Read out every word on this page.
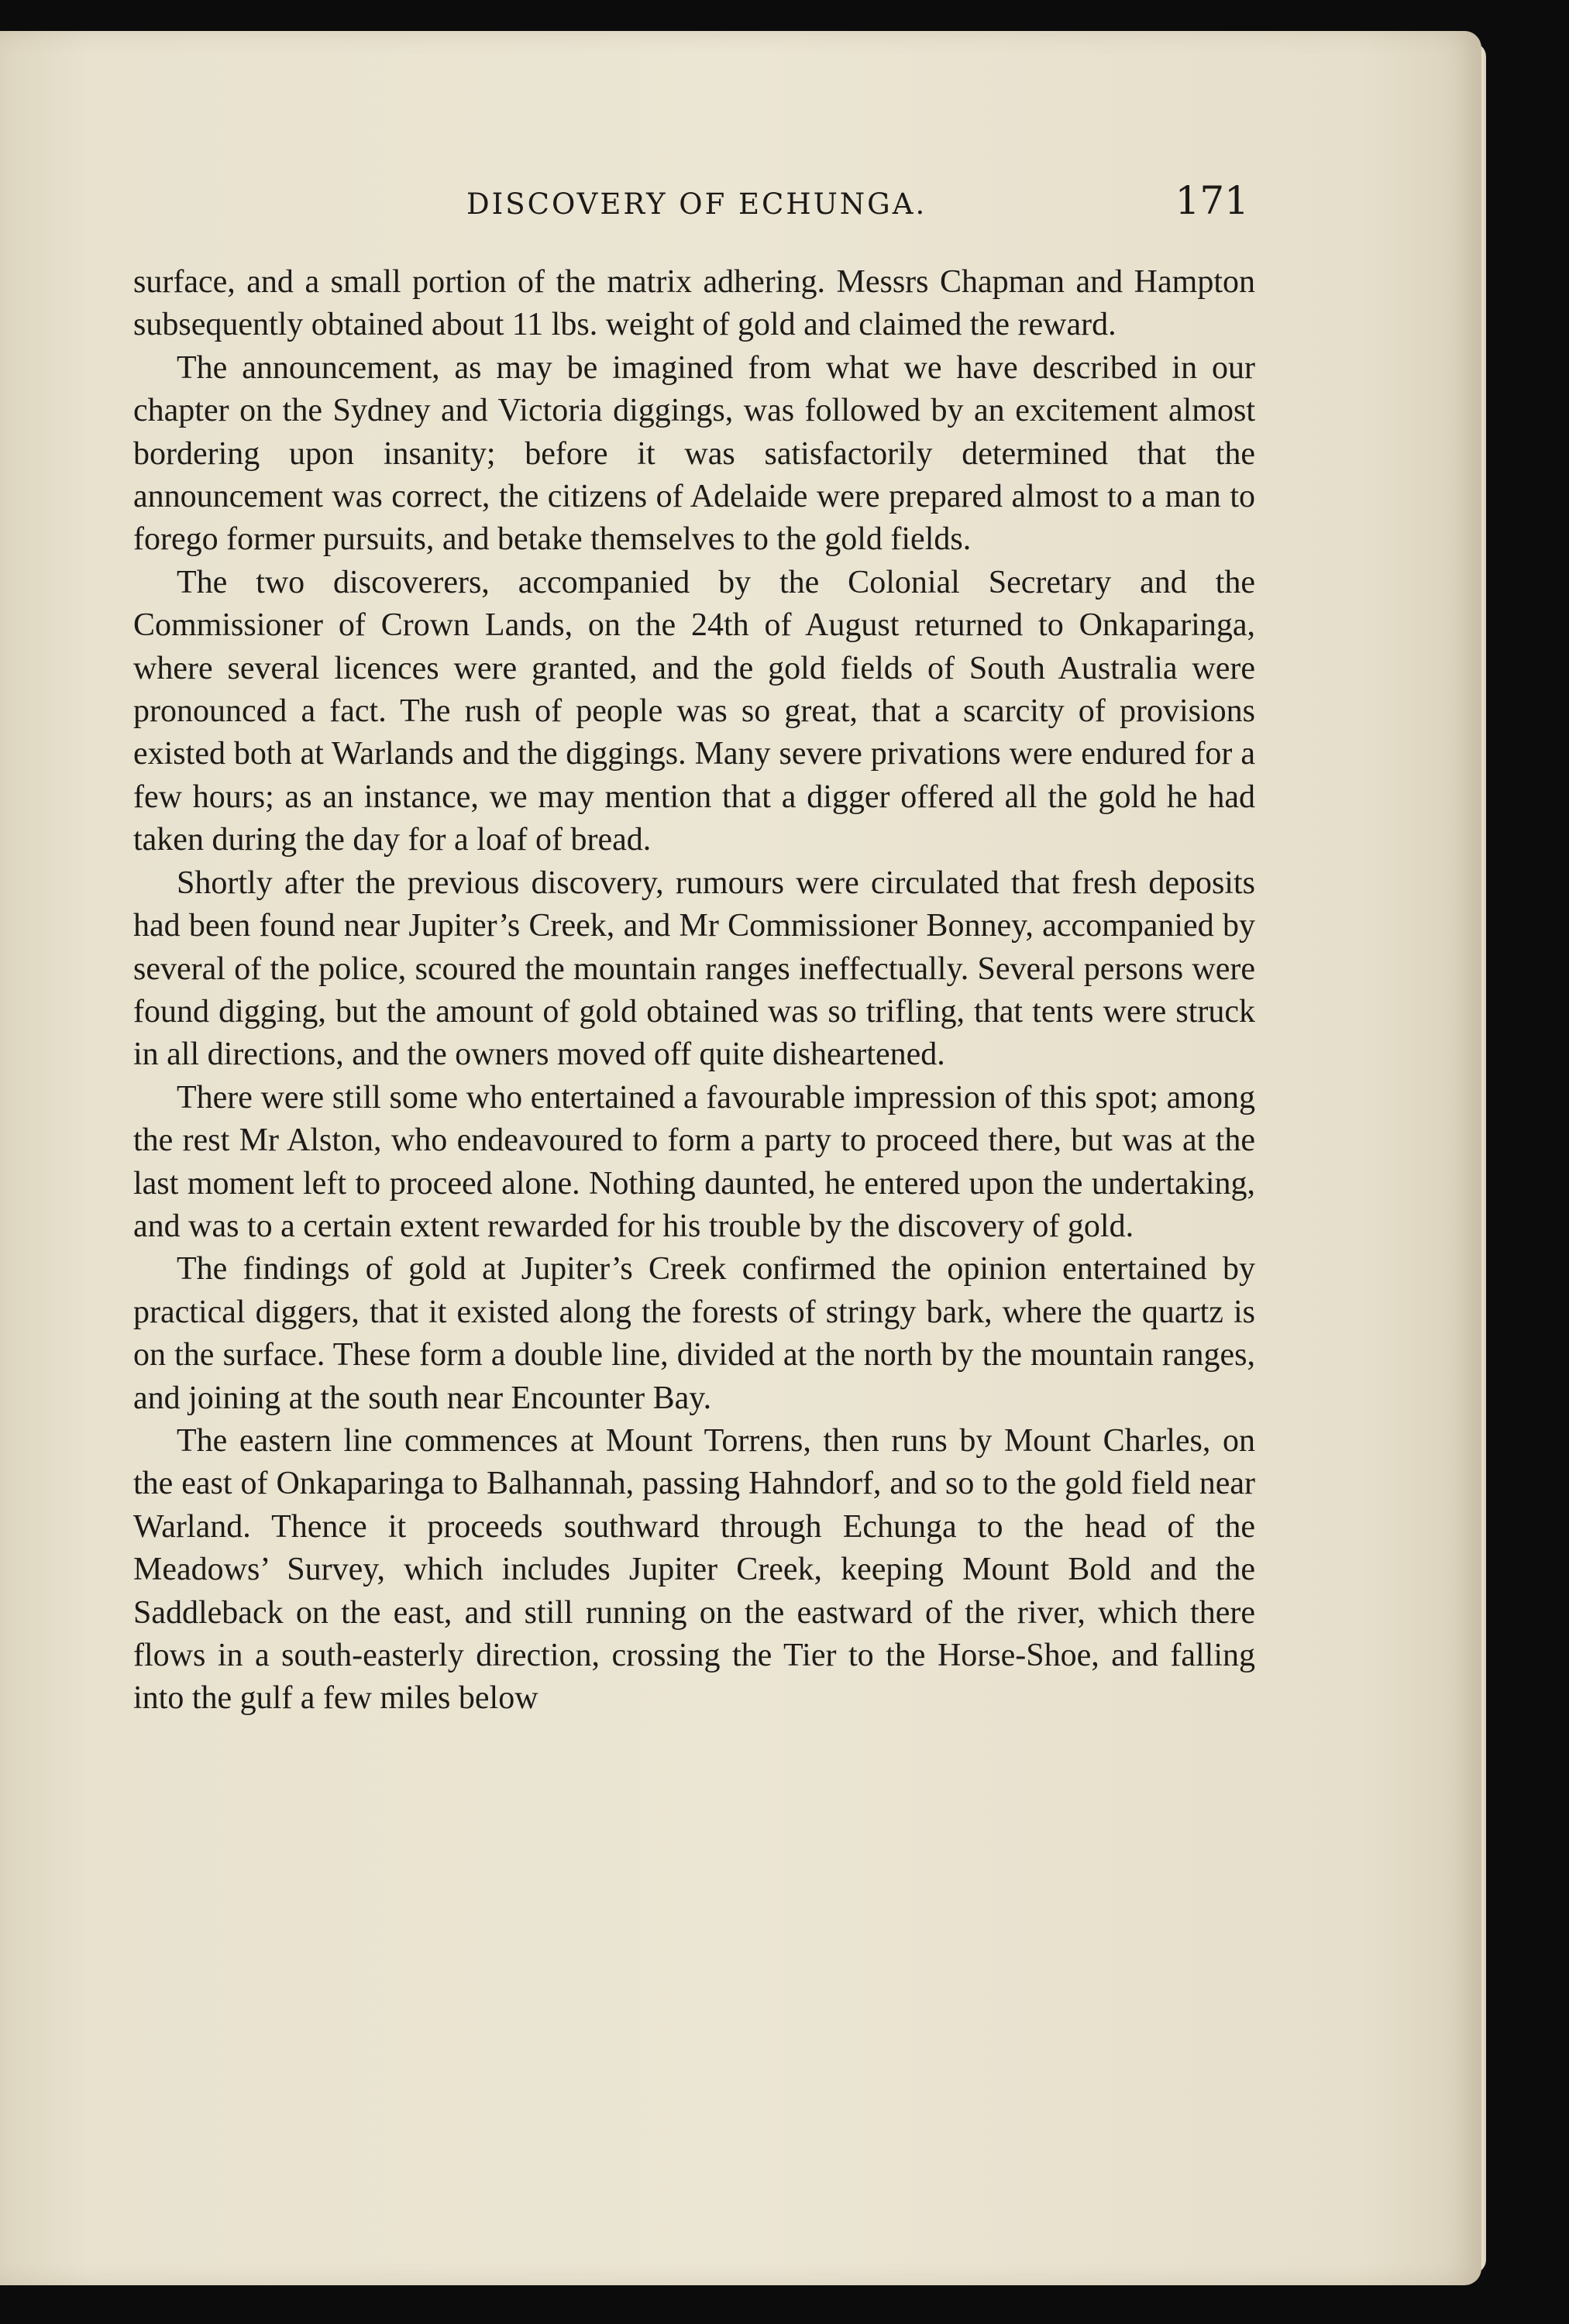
DISCOVERY OF ECHUNGA.	171

surface, and a small portion of the matrix adhering. Messrs Chapman and Hampton subsequently obtained about 11 lbs. weight of gold and claimed the reward.

The announcement, as may be imagined from what we have described in our chapter on the Sydney and Victoria diggings, was followed by an excitement almost bordering upon insanity; before it was satisfactorily determined that the announcement was correct, the citizens of Adelaide were prepared almost to a man to forego former pursuits, and betake themselves to the gold fields.

The two discoverers, accompanied by the Colonial Secretary and the Commissioner of Crown Lands, on the 24th of August returned to Onkaparinga, where several licences were granted, and the gold fields of South Australia were pronounced a fact. The rush of people was so great, that a scarcity of provisions existed both at Warlands and the diggings. Many severe privations were endured for a few hours; as an instance, we may mention that a digger offered all the gold he had taken during the day for a loaf of bread.

Shortly after the previous discovery, rumours were circulated that fresh deposits had been found near Jupiter’s Creek, and Mr Commissioner Bonney, accompanied by several of the police, scoured the mountain ranges ineffectually. Several persons were found digging, but the amount of gold obtained was so trifling, that tents were struck in all directions, and the owners moved off quite disheartened.

There were still some who entertained a favourable impression of this spot; among the rest Mr Alston, who endeavoured to form a party to proceed there, but was at the last moment left to proceed alone. Nothing daunted, he entered upon the undertaking, and was to a certain extent rewarded for his trouble by the discovery of gold.

The findings of gold at Jupiter’s Creek confirmed the opinion entertained by practical diggers, that it existed along the forests of stringy bark, where the quartz is on the surface. These form a double line, divided at the north by the mountain ranges, and joining at the south near Encounter Bay.

The eastern line commences at Mount Torrens, then runs by Mount Charles, on the east of Onkaparinga to Balhannah, passing Hahndorf, and so to the gold field near Warland. Thence it proceeds southward through Echunga to the head of the Meadows’ Survey, which includes Jupiter Creek, keeping Mount Bold and the Saddleback on the east, and still running on the eastward of the river, which there flows in a south-easterly direction, crossing the Tier to the Horse-Shoe, and falling into the gulf a few miles below
